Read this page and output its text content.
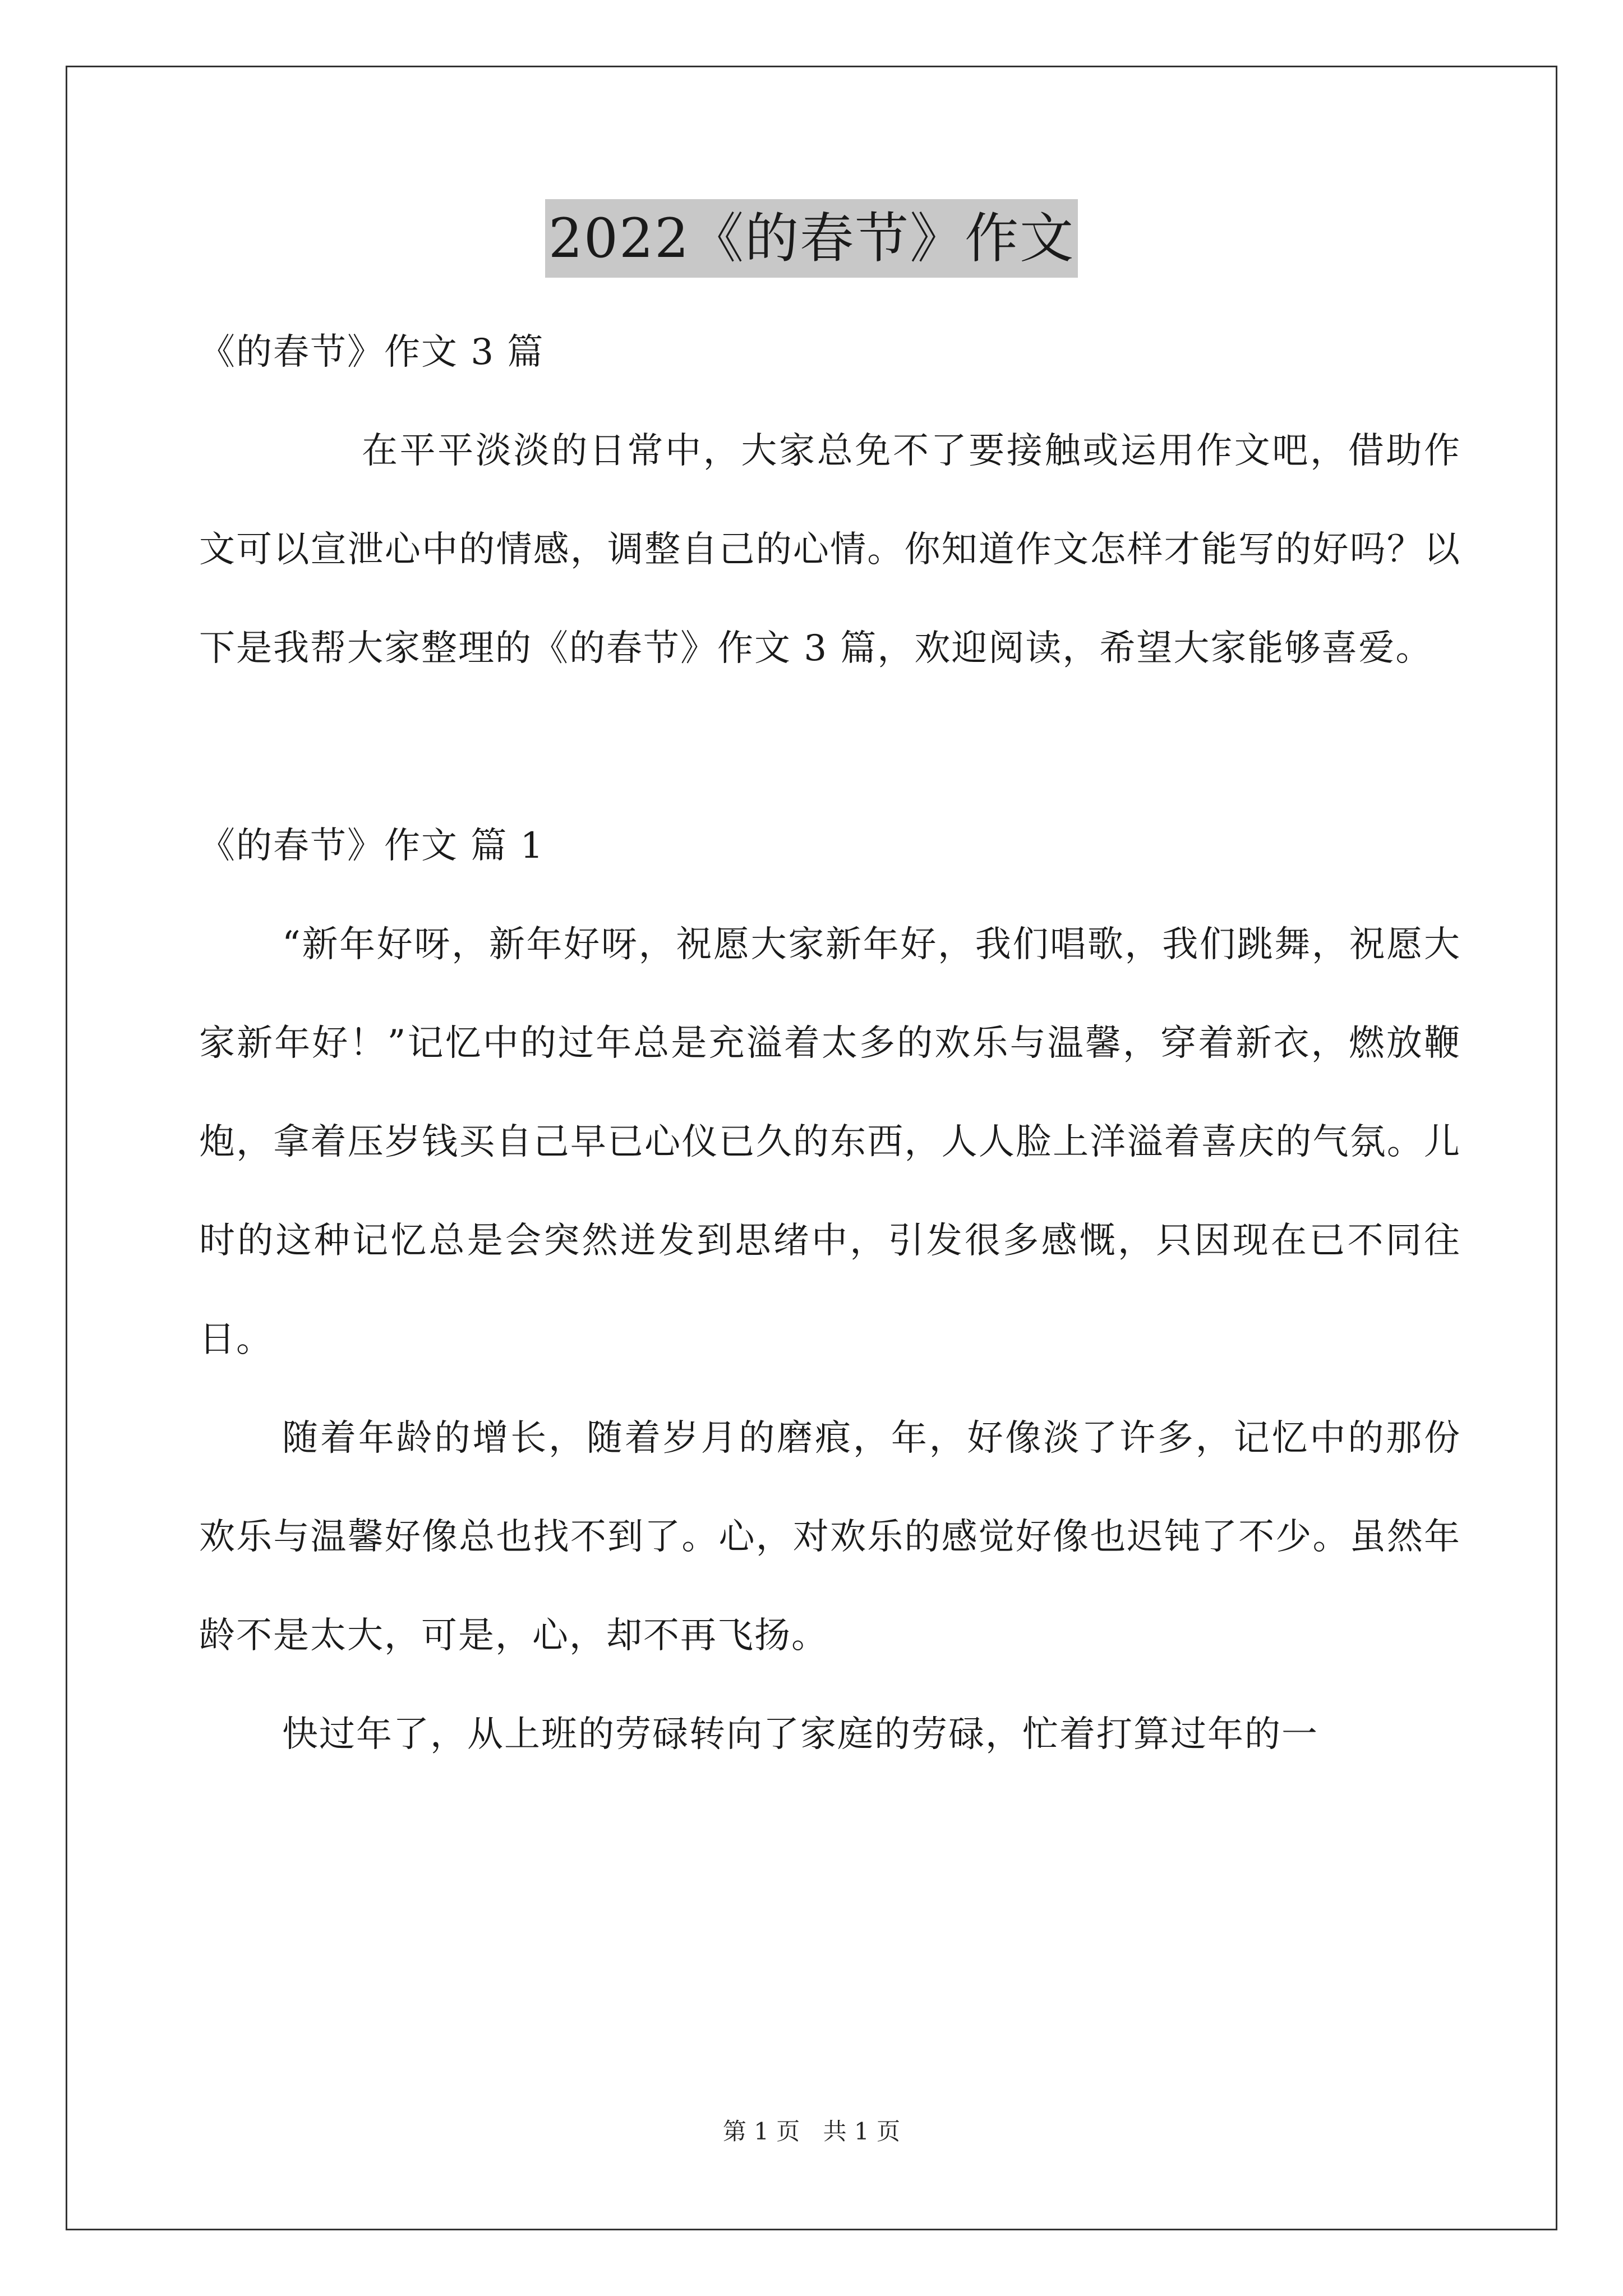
2022《的春节》作文

《的春节》作文 3 篇

在平平淡淡的日常中，大家总免不了要接触或运用作文吧，借助作文可以宣泄心中的情感，调整自己的心情。你知道作文怎样才能写的好吗？以下是我帮大家整理的《的春节》作文 3 篇，欢迎阅读，希望大家能够喜爱。

《的春节》作文 篇 1

“新年好呀，新年好呀，祝愿大家新年好，我们唱歌，我们跳舞，祝愿大家新年好！”记忆中的过年总是充溢着太多的欢乐与温馨，穿着新衣，燃放鞭炮，拿着压岁钱买自己早已心仪已久的东西，人人脸上洋溢着喜庆的气氛。儿时的这种记忆总是会突然迸发到思绪中，引发很多感慨，只因现在已不同往日。

随着年龄的增长，随着岁月的磨痕，年，好像淡了许多，记忆中的那份欢乐与温馨好像总也找不到了。心，对欢乐的感觉好像也迟钝了不少。虽然年龄不是太大，可是，心，却不再飞扬。

快过年了，从上班的劳碌转向了家庭的劳碌，忙着打算过年的一

第 1 页 共 1 页
